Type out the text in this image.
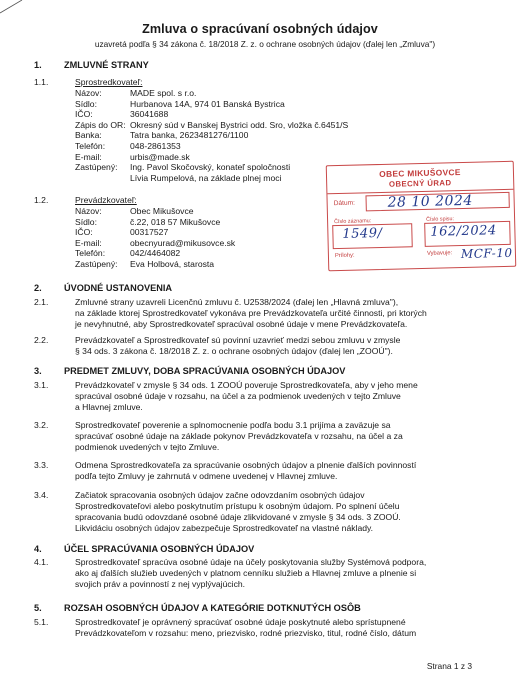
Zmluva o spracúvaní osobných údajov
uzavretá podľa § 34 zákona č. 18/2018 Z. z. o ochrane osobných údajov (ďalej len „Zmluva")
1. ZMLUVNÉ STRANY
1.1.	Sprostredkovateľ:
Názov:	MADE spol. s r.o.
Sídlo:	Hurbanova 14A, 974 01 Banská Bystrica
IČO:	36041688
Zápis do OR: Okresný súd v Banskej Bystrici odd. Sro, vložka č.6451/S
Banka:	Tatra banka, 2623481276/1100
Telefón:	048-2861353
E-mail:	urbis@made.sk
Zastúpený:	Ing. Pavol Skočovský, konateľ spoločnosti
Lívia Rumpelová, na základe plnej moci
1.2.	Prevádzkovateľ:
Názov:	Obec Mikušovce
Sídlo:	č.22, 018 57 Mikušovce
IČO:	00317527
E-mail:	obecnyurad@mikusovce.sk
Telefón:	042/4464082
Zastúpený:	Eva Holbová, starosta
OBEC MIKUŠOVCE
OBECNÝ ÚRAD
Dátum: 28 10 2024
Číslo záznamu:
1549/
Číslo spisu:
162/2024
Prílohy:	Vybavuje: MCF-10
2. ÚVODNÉ USTANOVENIA
2.1.	Zmluvné strany uzavreli Licenčnú zmluvu č. U2538/2024 (ďalej len „Hlavná zmluva"),
na základe ktorej Sprostredkovateľ vykonáva pre Prevádzkovateľa určité činnosti, pri ktorých
je nevyhnutné, aby Sprostredkovateľ spracúval osobné údaje v mene Prevádzkovateľa.
2.2.	Prevádzkovateľ a Sprostredkovateľ sú povinní uzavrieť medzi sebou zmluvu v zmysle
§ 34 ods. 3 zákona č. 18/2018 Z. z. o ochrane osobných údajov (ďalej len „ZOOÚ").
3. PREDMET ZMLUVY, DOBA SPRACÚVANIA OSOBNÝCH ÚDAJOV
3.1.	Prevádzkovateľ v zmysle § 34 ods. 1 ZOOÚ poveruje Sprostredkovateľa, aby v jeho mene
spracúval osobné údaje v rozsahu, na účel a za podmienok uvedených v tejto Zmluve
a Hlavnej zmluve.
3.2.	Sprostredkovateľ poverenie a splnomocnenie podľa bodu 3.1 prijíma a zaväzuje sa
spracúvať osobné údaje na základe pokynov Prevádzkovateľa v rozsahu, na účel a za
podmienok uvedených v tejto Zmluve.
3.3.	Odmena Sprostredkovateľa za spracúvanie osobných údajov a plnenie ďalších povinností
podľa tejto Zmluvy je zahrnutá v odmene uvedenej v Hlavnej zmluve.
3.4.	Začiatok spracovania osobných údajov začne odovzdaním osobných údajov
Sprostredkovateľovi alebo poskytnutím prístupu k osobným údajom. Po splnení účelu
spracovania budú odovzdané osobné údaje zlikvidované v zmysle § 34 ods. 3 ZOOÚ.
Likvidáciu osobných údajov zabezpečuje Sprostredkovateľ na vlastné náklady.
4. ÚČEL SPRACÚVANIA OSOBNÝCH ÚDAJOV
4.1.	Sprostredkovateľ spracúva osobné údaje na účely poskytovania služby Systémová podpora,
ako aj ďalších služieb uvedených v platnom cenníku služieb a Hlavnej zmluve a plnenie si
svojich práv a povinností z nej vyplývajúcich.
5. ROZSAH OSOBNÝCH ÚDAJOV A KATEGÓRIE DOTKNUTÝCH OSÔB
5.1.	Sprostredkovateľ je oprávnený spracúvať osobné údaje poskytnuté alebo sprístupnené
Prevádzkovateľom v rozsahu: meno, priezvisko, rodné priezvisko, titul, rodné číslo, dátum
Strana 1 z 3
